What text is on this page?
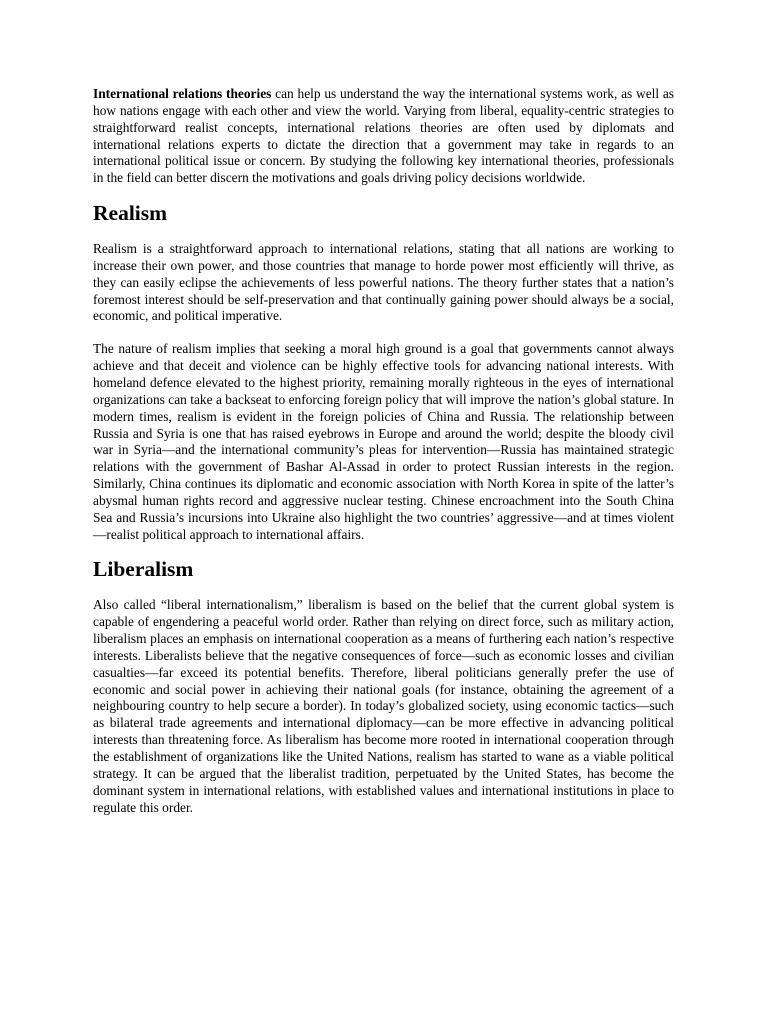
International relations theories can help us understand the way the international systems work, as well as how nations engage with each other and view the world. Varying from liberal, equality-centric strategies to straightforward realist concepts, international relations theories are often used by diplomats and international relations experts to dictate the direction that a government may take in regards to an international political issue or concern. By studying the following key international theories, professionals in the field can better discern the motivations and goals driving policy decisions worldwide.

Realism

Realism is a straightforward approach to international relations, stating that all nations are working to increase their own power, and those countries that manage to horde power most efficiently will thrive, as they can easily eclipse the achievements of less powerful nations. The theory further states that a nation’s foremost interest should be self-preservation and that continually gaining power should always be a social, economic, and political imperative.

The nature of realism implies that seeking a moral high ground is a goal that governments cannot always achieve and that deceit and violence can be highly effective tools for advancing national interests. With homeland defence elevated to the highest priority, remaining morally righteous in the eyes of international organizations can take a backseat to enforcing foreign policy that will improve the nation’s global stature. In modern times, realism is evident in the foreign policies of China and Russia. The relationship between Russia and Syria is one that has raised eyebrows in Europe and around the world; despite the bloody civil war in Syria—and the international community’s pleas for intervention—Russia has maintained strategic relations with the government of Bashar Al-Assad in order to protect Russian interests in the region. Similarly, China continues its diplomatic and economic association with North Korea in spite of the latter’s abysmal human rights record and aggressive nuclear testing. Chinese encroachment into the South China Sea and Russia’s incursions into Ukraine also highlight the two countries’ aggressive—and at times violent—realist political approach to international affairs.

Liberalism

Also called “liberal internationalism,” liberalism is based on the belief that the current global system is capable of engendering a peaceful world order. Rather than relying on direct force, such as military action, liberalism places an emphasis on international cooperation as a means of furthering each nation’s respective interests. Liberalists believe that the negative consequences of force—such as economic losses and civilian casualties—far exceed its potential benefits. Therefore, liberal politicians generally prefer the use of economic and social power in achieving their national goals (for instance, obtaining the agreement of a neighbouring country to help secure a border). In today’s globalized society, using economic tactics—such as bilateral trade agreements and international diplomacy—can be more effective in advancing political interests than threatening force. As liberalism has become more rooted in international cooperation through the establishment of organizations like the United Nations, realism has started to wane as a viable political strategy. It can be argued that the liberalist tradition, perpetuated by the United States, has become the dominant system in international relations, with established values and international institutions in place to regulate this order.
